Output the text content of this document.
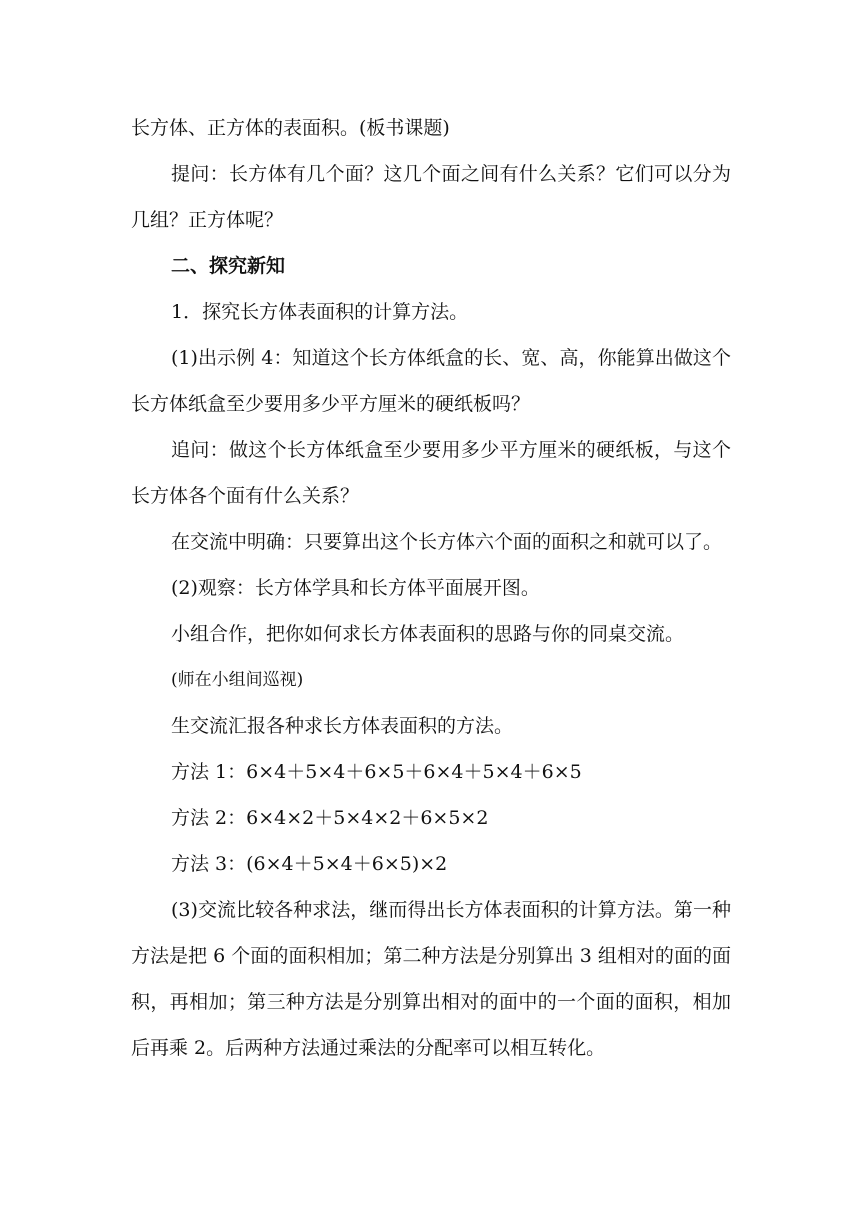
长方体、正方体的表面积。(板书课题)

提问：长方体有几个面？这几个面之间有什么关系？它们可以分为几组？正方体呢？

二、探究新知

1．探究长方体表面积的计算方法。

(1)出示例 4：知道这个长方体纸盒的长、宽、高，你能算出做这个长方体纸盒至少要用多少平方厘米的硬纸板吗？

追问：做这个长方体纸盒至少要用多少平方厘米的硬纸板，与这个长方体各个面有什么关系？

在交流中明确：只要算出这个长方体六个面的面积之和就可以了。

(2)观察：长方体学具和长方体平面展开图。

小组合作，把你如何求长方体表面积的思路与你的同桌交流。

(师在小组间巡视)

生交流汇报各种求长方体表面积的方法。

方法 1：6×4＋5×4＋6×5＋6×4＋5×4＋6×5

方法 2：6×4×2＋5×4×2＋6×5×2

方法 3：(6×4＋5×4＋6×5)×2

(3)交流比较各种求法，继而得出长方体表面积的计算方法。第一种方法是把 6 个面的面积相加；第二种方法是分别算出 3 组相对的面的面积，再相加；第三种方法是分别算出相对的面中的一个面的面积，相加后再乘 2。后两种方法通过乘法的分配率可以相互转化。
